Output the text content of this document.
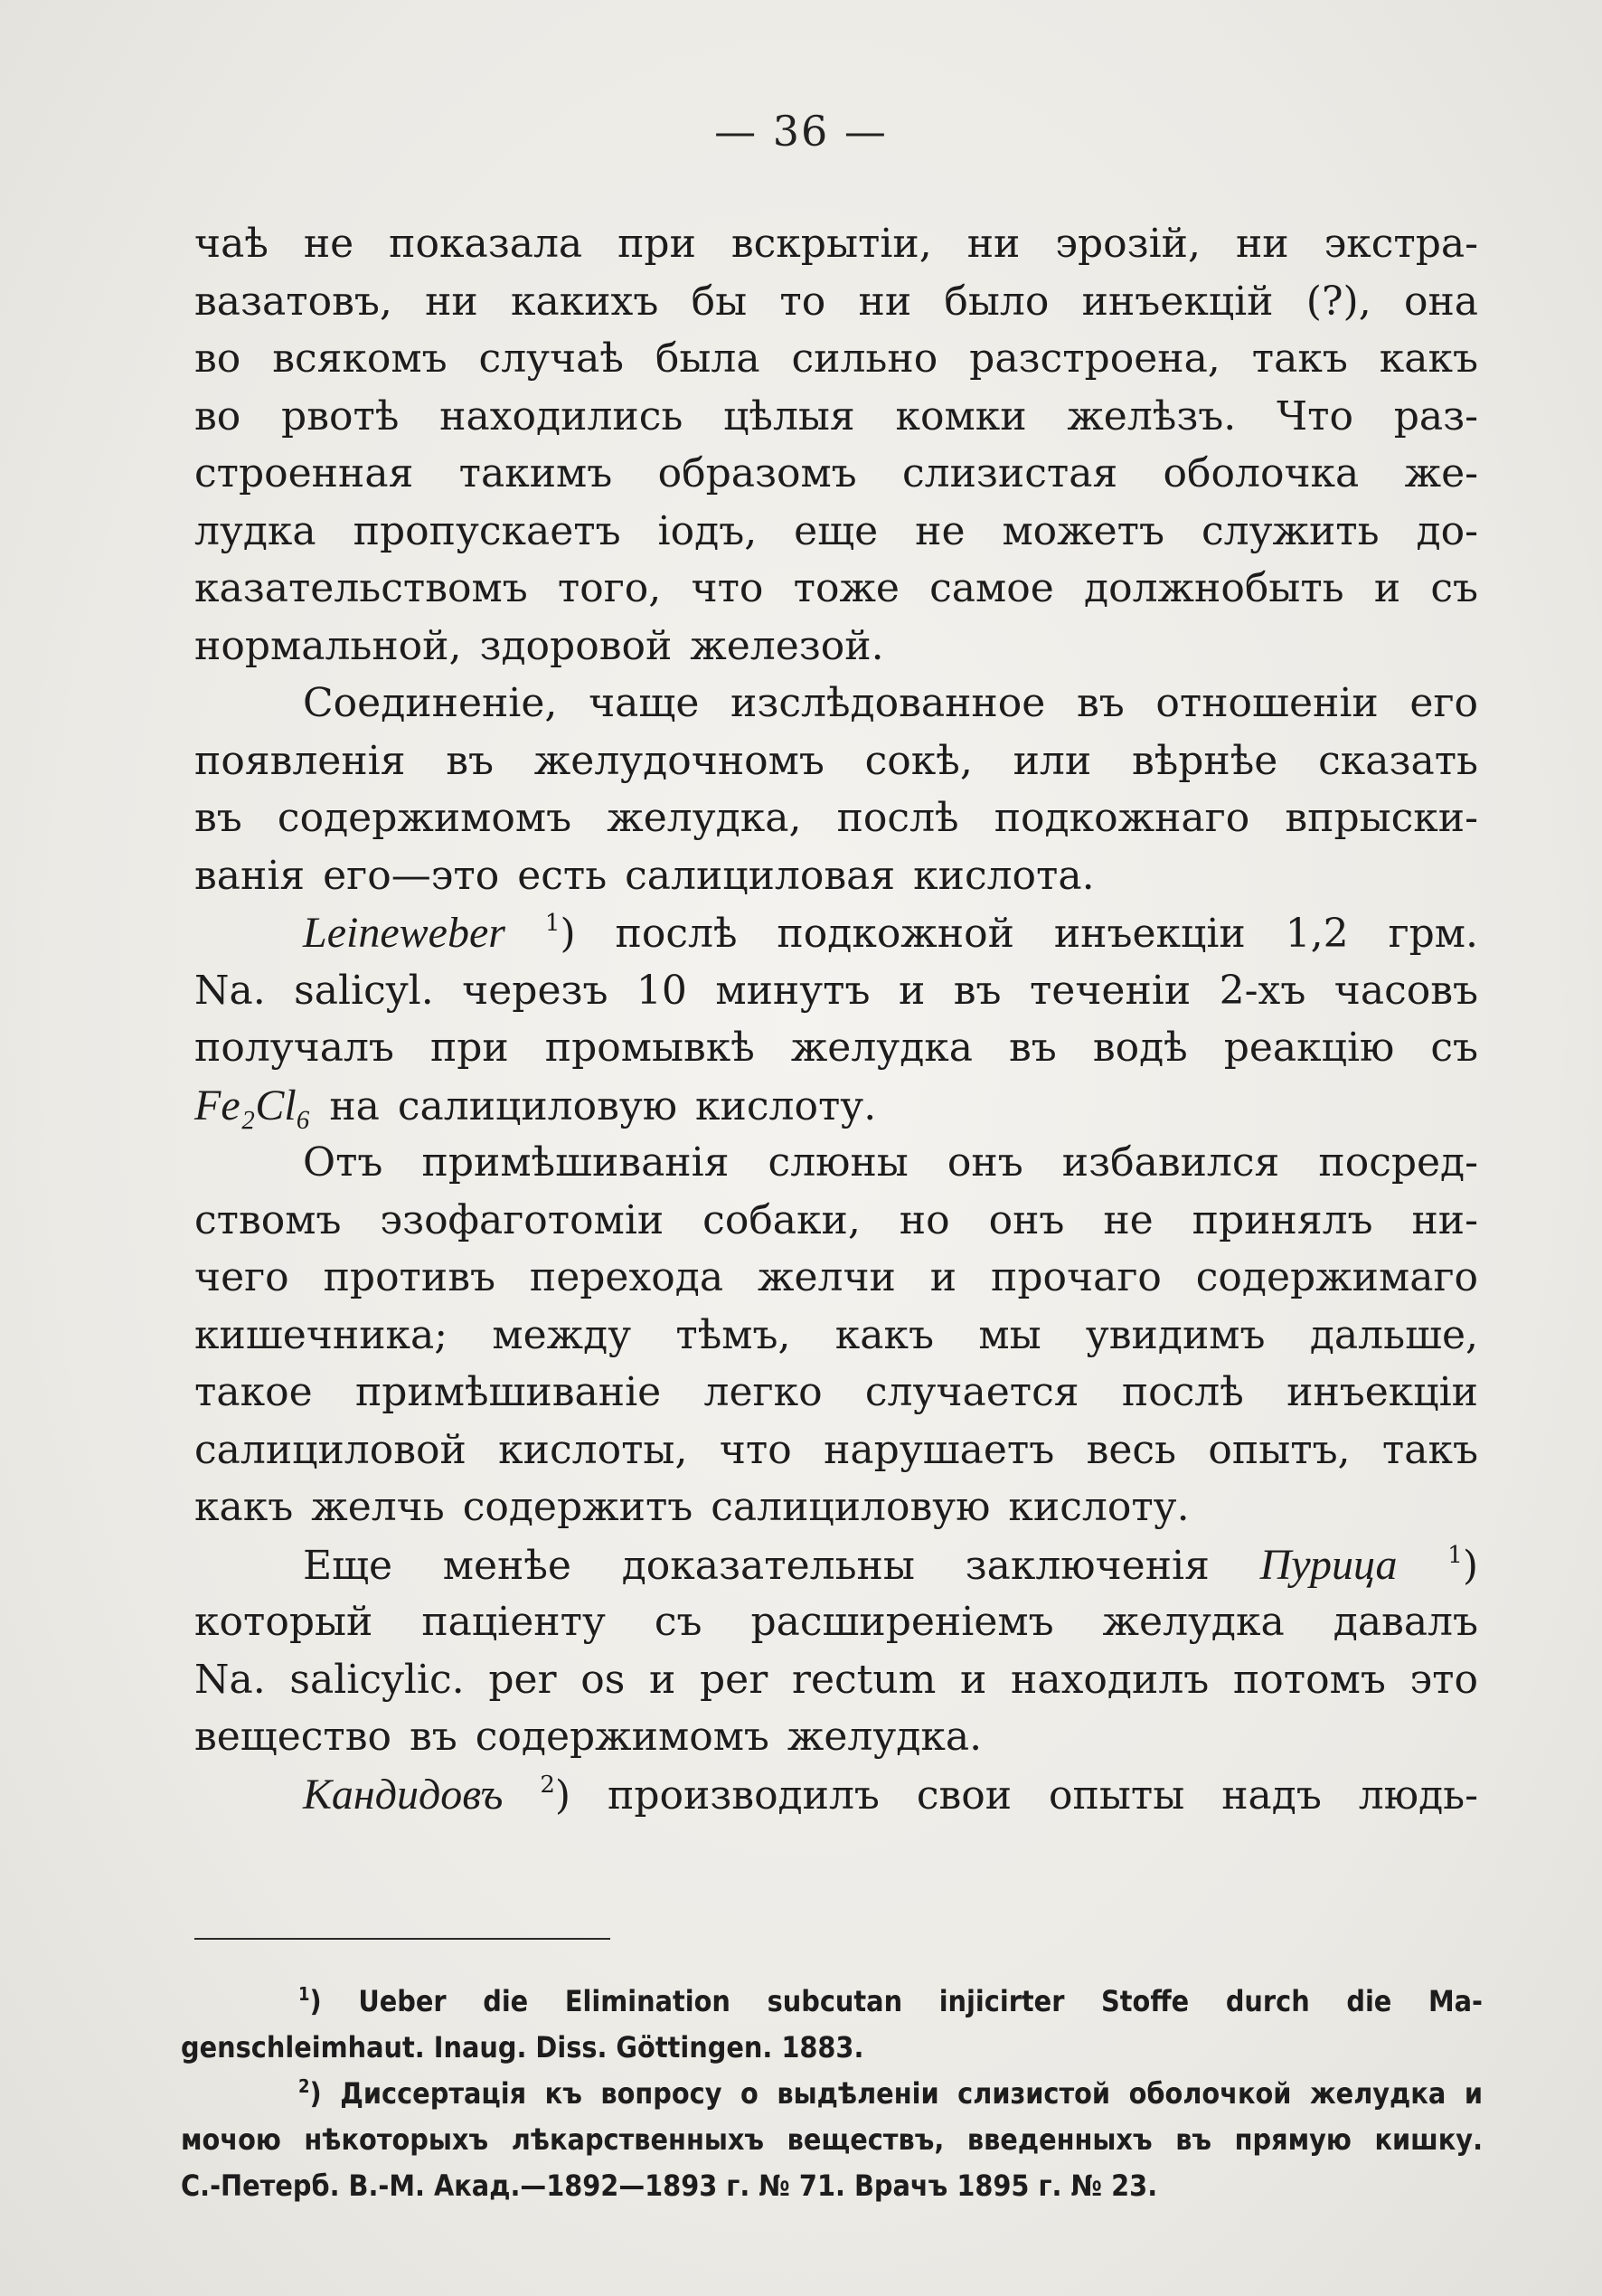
— 36 —
чаѣ не показала при вскрытіи, ни эрозій, ни экстра-
вазатовъ, ни какихъ бы то ни было инъекцій (?), она
во всякомъ случаѣ была сильно разстроена, такъ какъ
во рвотѣ находились цѣлыя комки желѣзъ. Что раз-
строенная такимъ образомъ слизистая оболочка же-
лудка пропускаетъ іодъ, еще не можетъ служить до-
казательствомъ того, что тоже самое должнобыть и съ
нормальной, здоровой железой.
Соединеніе, чаще изслѣдованное въ отношеніи его
появленія въ желудочномъ сокѣ, или вѣрнѣе сказать
въ содержимомъ желудка, послѣ подкожнаго впрыски-
ванія его—это есть салициловая кислота.
Leineweber $^1$) послѣ подкожной инъекціи 1,2 грм.
Na. salicyl. черезъ 10 минутъ и въ теченіи 2-хъ часовъ
получалъ при промывкѣ желудка въ водѣ реакцію съ
Fe₂Cl₆ на салициловую кислоту.
Отъ примѣшиванія слюны онъ избавился посред-
ствомъ эзофаготоміи собаки, но онъ не принялъ ни-
чего противъ перехода желчи и прочаго содержимаго
кишечника; между тѣмъ, какъ мы увидимъ дальше,
такое примѣшиваніе легко случается послѣ инъекціи
салициловой кислоты, что нарушаетъ весь опытъ, такъ
какъ желчь содержитъ салициловую кислоту.
Еще менѣе доказательны заключенія Пурица $^1$)
который паціенту съ расширеніемъ желудка давалъ
Na. salicylic. per os и per rectum и находилъ потомъ это
вещество въ содержимомъ желудка.
Кандидовъ $^2$) производилъ свои опыты надъ людь-
$^1$) Ueber die Elimination subcutan injicirter Stoffe durch die Ma-
genschleimhaut. Inaug. Diss. Göttingen. 1883.
$^2$) Диссертація къ вопросу о выдѣленіи слизистой оболочкой желудка и
мочою нѣкоторыхъ лѣкарственныхъ веществъ, введенныхъ въ прямую кишку.
С.-Петерб. В.-М. Акад.—1892—1893 г. № 71. Врачъ 1895 г. № 23.
